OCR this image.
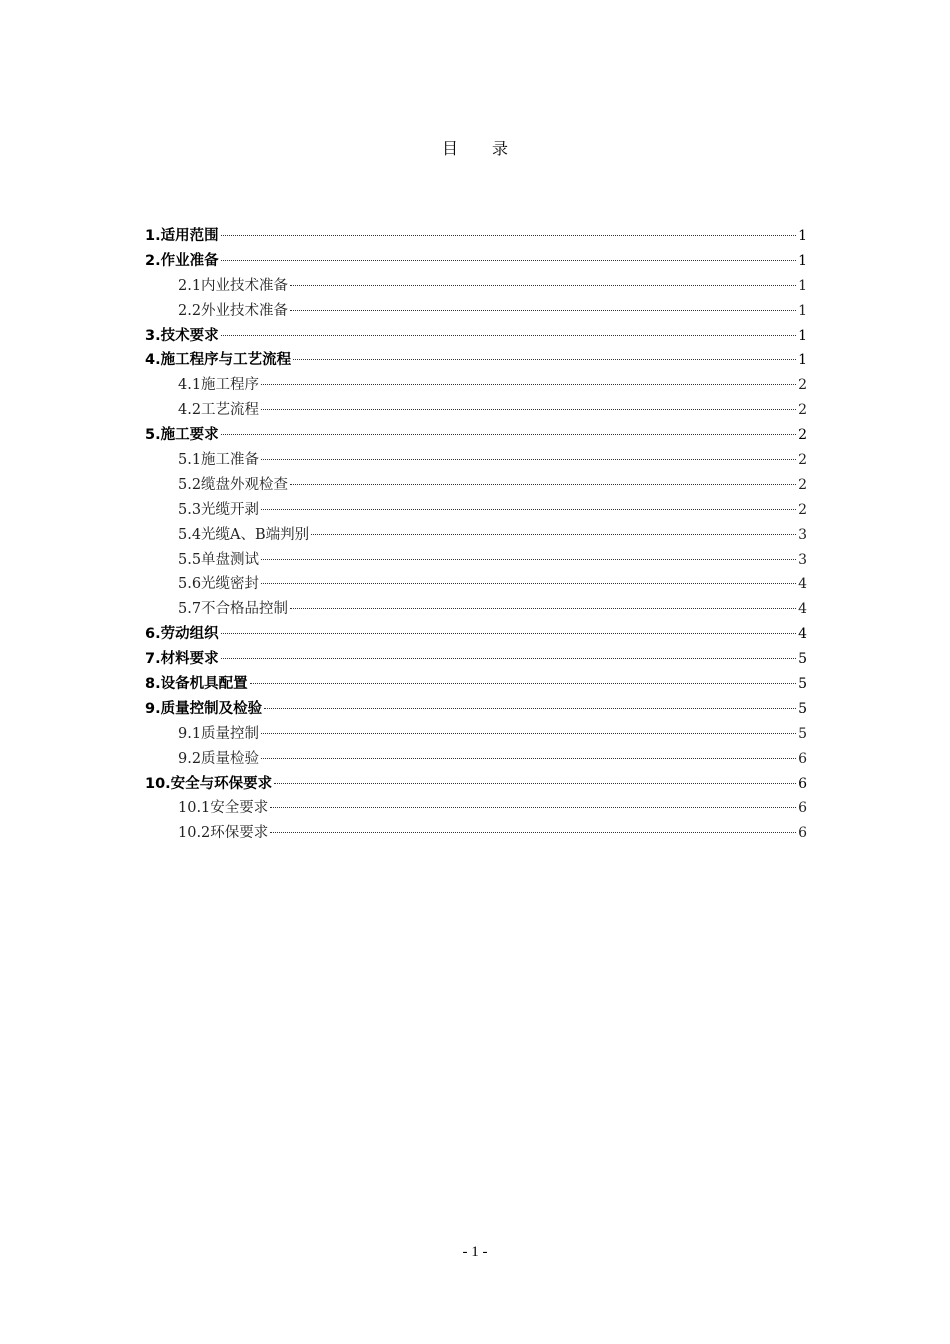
目 录
1.适用范围	1
2.作业准备	1
2.1内业技术准备	1
2.2外业技术准备	1
3.技术要求	1
4.施工程序与工艺流程	1
4.1施工程序	2
4.2工艺流程	2
5.施工要求	2
5.1施工准备	2
5.2缆盘外观检查	2
5.3光缆开剥	2
5.4光缆A、B端判别	3
5.5单盘测试	3
5.6光缆密封	4
5.7不合格品控制	4
6.劳动组织	4
7.材料要求	5
8.设备机具配置	5
9.质量控制及检验	5
9.1质量控制	5
9.2质量检验	6
10.安全与环保要求	6
10.1安全要求	6
10.2环保要求	6
- 1 -
